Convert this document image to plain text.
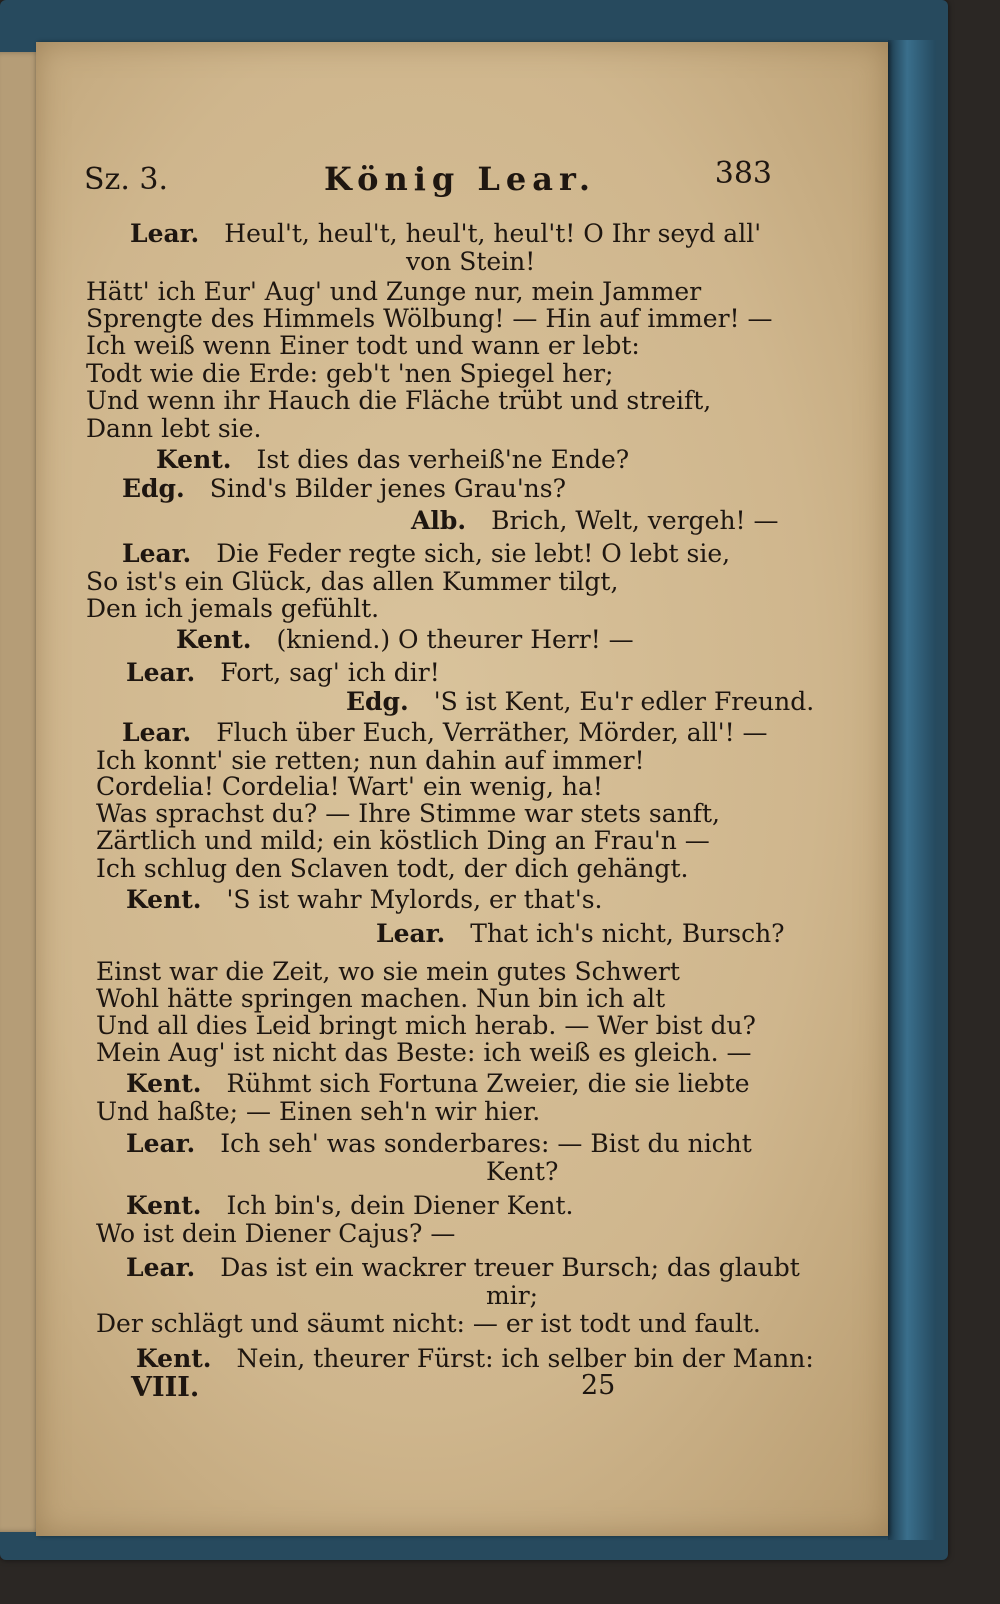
Sz. 3.	König Lear.	383
Lear.  Heul't, heul't, heul't, heul't! O Ihr seyd all'
von Stein!
Hätt' ich Eur' Aug' und Zunge nur, mein Jammer
Sprengte des Himmels Wölbung! — Hin auf immer! —
Ich weiß wenn Einer todt und wann er lebt:
Todt wie die Erde: geb't 'nen Spiegel her;
Und wenn ihr Hauch die Fläche trübt und streift,
Dann lebt sie.
Kent.  Ist dies das verheiß'ne Ende?
Edg.  Sind's Bilder jenes Grau'ns?
Alb.  Brich, Welt, vergeh! —
Lear.  Die Feder regte sich, sie lebt! O lebt sie,
So ist's ein Glück, das allen Kummer tilgt,
Den ich jemals gefühlt.
Kent.  (kniend.) O theurer Herr! —
Lear.  Fort, sag' ich dir!
Edg.  'S ist Kent, Eu'r edler Freund.
Lear.  Fluch über Euch, Verräther, Mörder, all'! —
Ich konnt' sie retten; nun dahin auf immer!
Cordelia! Cordelia! Wart' ein wenig, ha!
Was sprachst du? — Ihre Stimme war stets sanft,
Zärtlich und mild; ein köstlich Ding an Frau'n —
Ich schlug den Sclaven todt, der dich gehängt.
Kent.  'S ist wahr Mylords, er that's.
Lear.  That ich's nicht, Bursch?
Einst war die Zeit, wo sie mein gutes Schwert
Wohl hätte springen machen. Nun bin ich alt
Und all dies Leid bringt mich herab. — Wer bist du?
Mein Aug' ist nicht das Beste: ich weiß es gleich. —
Kent.  Rühmt sich Fortuna Zweier, die sie liebte
Und haßte; — Einen seh'n wir hier.
Lear.  Ich seh' was sonderbares: — Bist du nicht
Kent?
Kent.  Ich bin's, dein Diener Kent.
Wo ist dein Diener Cajus? —
Lear.  Das ist ein wackrer treuer Bursch; das glaubt
mir;
Der schlägt und säumt nicht: — er ist todt und fault.
Kent.  Nein, theurer Fürst: ich selber bin der Mann:
VIII.	25
